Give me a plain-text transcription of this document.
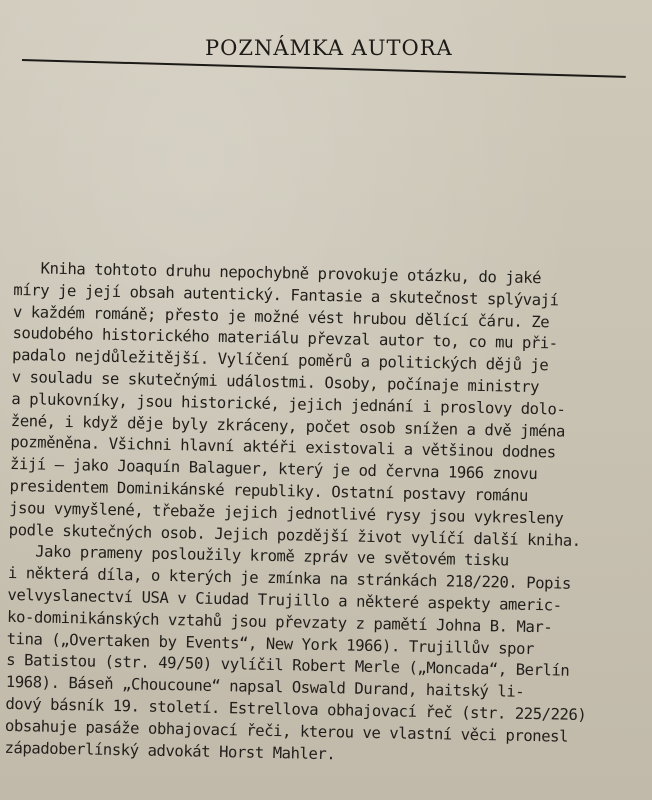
POZNÁMKA AUTORA
Kniha tohtoto druhu nepochybně provokuje otázku, do jaké
míry je její obsah autentický. Fantasie a skutečnost splývají
v každém románě; přesto je možné vést hrubou dělící čáru. Ze
soudobého historického materiálu převzal autor to, co mu při-
padalo nejdůležitější. Vylíčení poměrů a politických dějů je
v souladu se skutečnými událostmi. Osoby, počínaje ministry
a plukovníky, jsou historické, jejich jednání i proslovy dolo-
žené, i když děje byly zkráceny, počet osob snížen a dvě jména
pozměněna. Všichni hlavní aktéři existovali a většinou dodnes
žijí — jako Joaquín Balaguer, který je od června 1966 znovu
presidentem Dominikánské republiky. Ostatní postavy románu
jsou vymyšlené, třebaže jejich jednotlivé rysy jsou vykresleny
podle skutečných osob. Jejich pozdější život vylíčí další kniha.
Jako prameny posloužily kromě zpráv ve světovém tisku
i některá díla, o kterých je zmínka na stránkách 218/220. Popis
velvyslanectví USA v Ciudad Trujillo a některé aspekty americ-
ko-dominikánských vztahů jsou převzaty z pamětí Johna B. Mar-
tina („Overtaken by Events“, New York 1966). Trujillův spor
s Batistou (str. 49/50) vylíčil Robert Merle („Moncada“, Berlín
1968). Báseň „Choucoune“ napsal Oswald Durand, haitský li-
dový básník 19. století. Estrellova obhajovací řeč (str. 225/226)
obsahuje pasáže obhajovací řeči, kterou ve vlastní věci pronesl
západoberlínský advokát Horst Mahler.
